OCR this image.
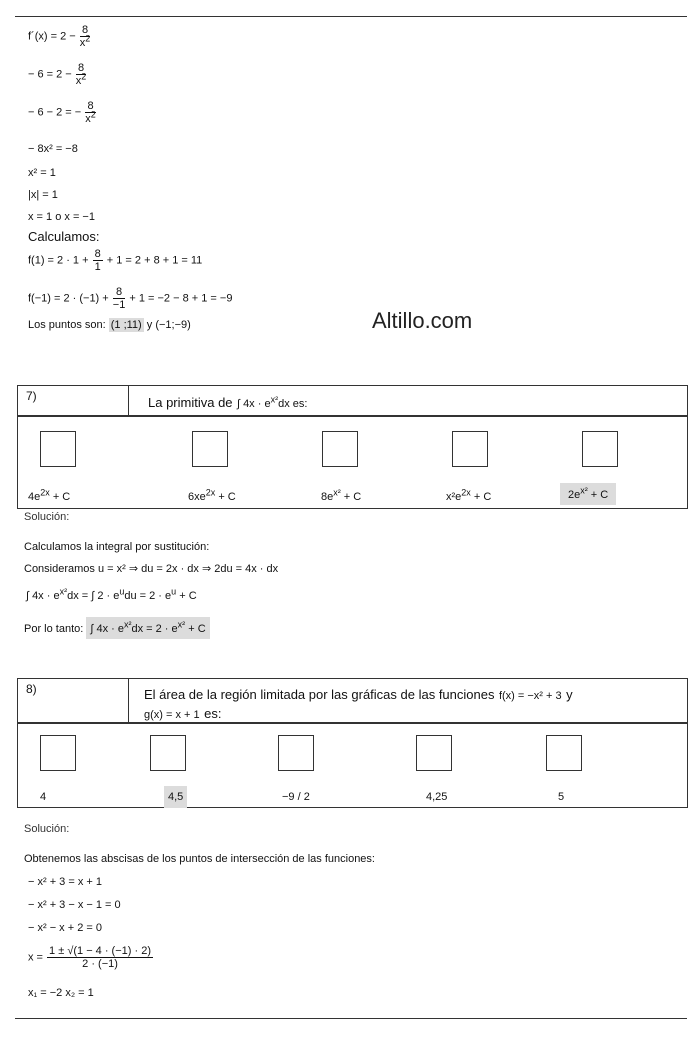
f´(x) = $2 - \frac{8}{x^2}$
− $6 = 2 - \frac{8}{x^2}$
− 6 − 2 = − $\frac{8}{x^2}$
− 8x² = −8
x² = 1
|x| = 1
x = 1 o x = −1
Calculamos:
$f(1) = 2 \cdot 1 + \frac{8}{1} + 1 = 2 + 8 + 1 = 11$
$f(-1) = 2 \cdot (-1) + \frac{8}{-1} + 1 = -2 - 8 + 1 = -9$
Los puntos son: (1 ;11) y (−1;−9)	Altillo.com
7)	La primitiva de ∫ $4x \cdot e^{x^2}dx$ es:
$4e^{2x} + C$	$6xe^{2x} + C$	$8e^{x^2} + C$	$x^2e^{2x} + C$	$2e^{x^2} + C$
Solución:
Calculamos la integral por sustitución:
Consideramos u = x² ⇒ du = 2x · dx ⇒ 2du = 4x · dx
∫ $4x \cdot e^{x^2}dx$ = ∫ $2 \cdot e^udu = 2 \cdot e^u + C$
Por lo tanto: ∫ $4x \cdot e^{x^2}dx = 2 \cdot e^{x^2} + C$
8)	El área de la región limitada por las gráficas de las funciones f(x) = −x² + 3 y
g(x) = x + 1 es:
4	4,5	−9 / 2	4,25	5
Solución:
Obtenemos las abscisas de los puntos de intersección de las funciones:
− x² + 3 = x + 1
− x² + 3 − x − 1 = 0
− x² − x + 2 = 0
$x = \frac{1 \pm √(1 - 4 \cdot (-1) \cdot 2)}{2 \cdot (-1)}$
x₁ = −2 x₂ = 1
